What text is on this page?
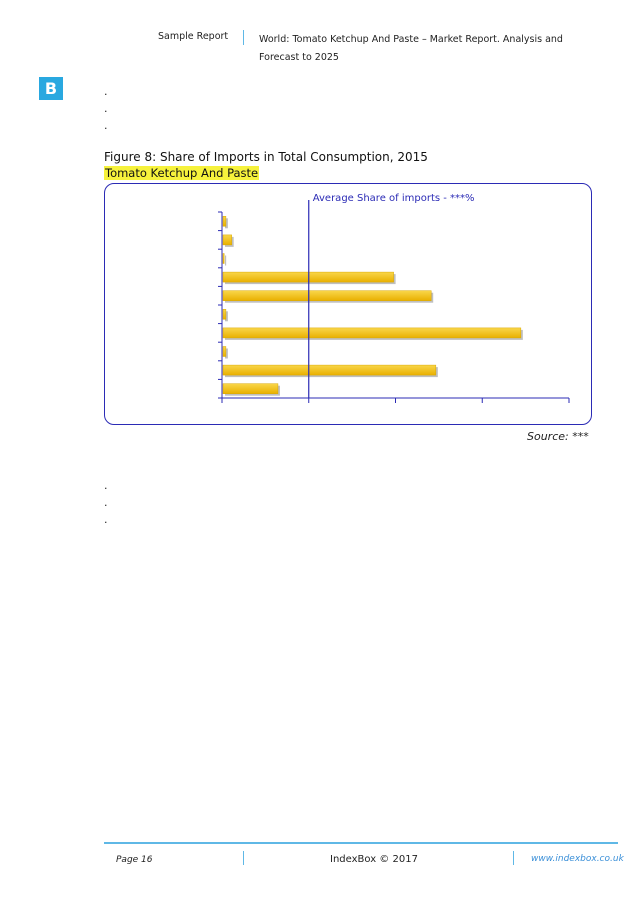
Sample Report	World: Tomato Ketchup And Paste – Market Report. Analysis and Forecast to 2025
B	.
.
.
Figure 8: Share of Imports in Total Consumption, 2015
Tomato Ketchup And Paste
Average Share of imports - ***%
Source: ***
.
.
.
Page 16	IndexBox © 2017	www.indexbox.co.uk
